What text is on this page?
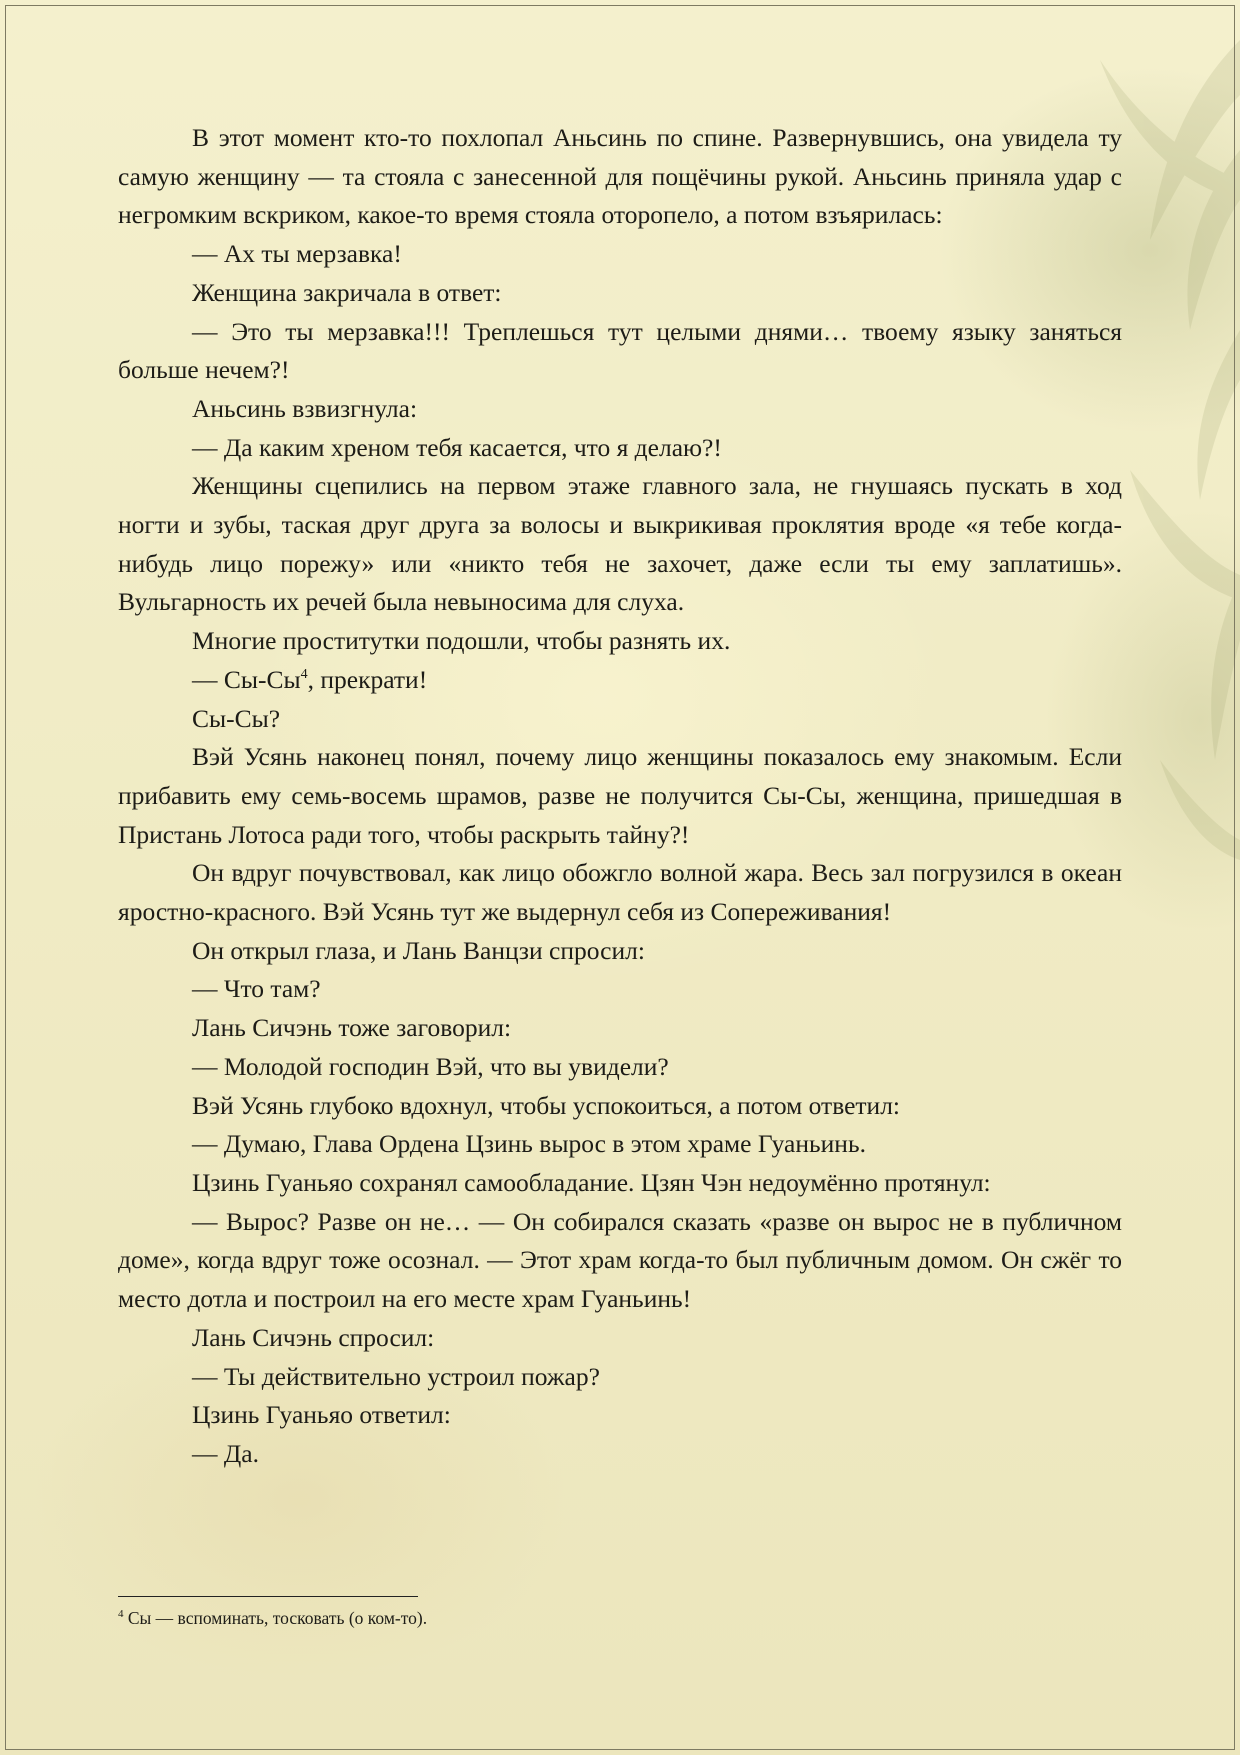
В этот момент кто-то похлопал Аньсинь по спине. Развернувшись, она увидела ту самую женщину — та стояла с занесенной для пощёчины рукой. Аньсинь приняла удар с негромким вскриком, какое-то время стояла оторопело, а потом взъярилась:

— Ах ты мерзавка!

Женщина закричала в ответ:

— Это ты мерзавка!!! Треплешься тут целыми днями… твоему языку заняться больше нечем?!

Аньсинь взвизгнула:

— Да каким хреном тебя касается, что я делаю?!

Женщины сцепились на первом этаже главного зала, не гнушаясь пускать в ход ногти и зубы, таская друг друга за волосы и выкрикивая проклятия вроде «я тебе когда-нибудь лицо порежу» или «никто тебя не захочет, даже если ты ему заплатишь». Вульгарность их речей была невыносима для слуха.

Многие проститутки подошли, чтобы разнять их.

— $Сы-Сы^4$, прекрати!

Сы-Сы?

Вэй Усянь наконец понял, почему лицо женщины показалось ему знакомым. Если прибавить ему семь-восемь шрамов, разве не получится Сы-Сы, женщина, пришедшая в Пристань Лотоса ради того, чтобы раскрыть тайну?!

Он вдруг почувствовал, как лицо обожгло волной жара. Весь зал погрузился в океан яростно-красного. Вэй Усянь тут же выдернул себя из Сопереживания!

Он открыл глаза, и Лань Ванцзи спросил:

— Что там?

Лань Сичэнь тоже заговорил:

— Молодой господин Вэй, что вы увидели?

Вэй Усянь глубоко вдохнул, чтобы успокоиться, а потом ответил:

— Думаю, Глава Ордена Цзинь вырос в этом храме Гуаньинь.

Цзинь Гуаньяо сохранял самообладание. Цзян Чэн недоумённо протянул:

— Вырос? Разве он не… — Он собирался сказать «разве он вырос не в публичном доме», когда вдруг тоже осознал. — Этот храм когда-то был публичным домом. Он сжёг то место дотла и построил на его месте храм Гуаньинь!

Лань Сичэнь спросил:

— Ты действительно устроил пожар?

Цзинь Гуаньяо ответил:

— Да.

$^4$ Сы — вспоминать, тосковать (о ком-то).
